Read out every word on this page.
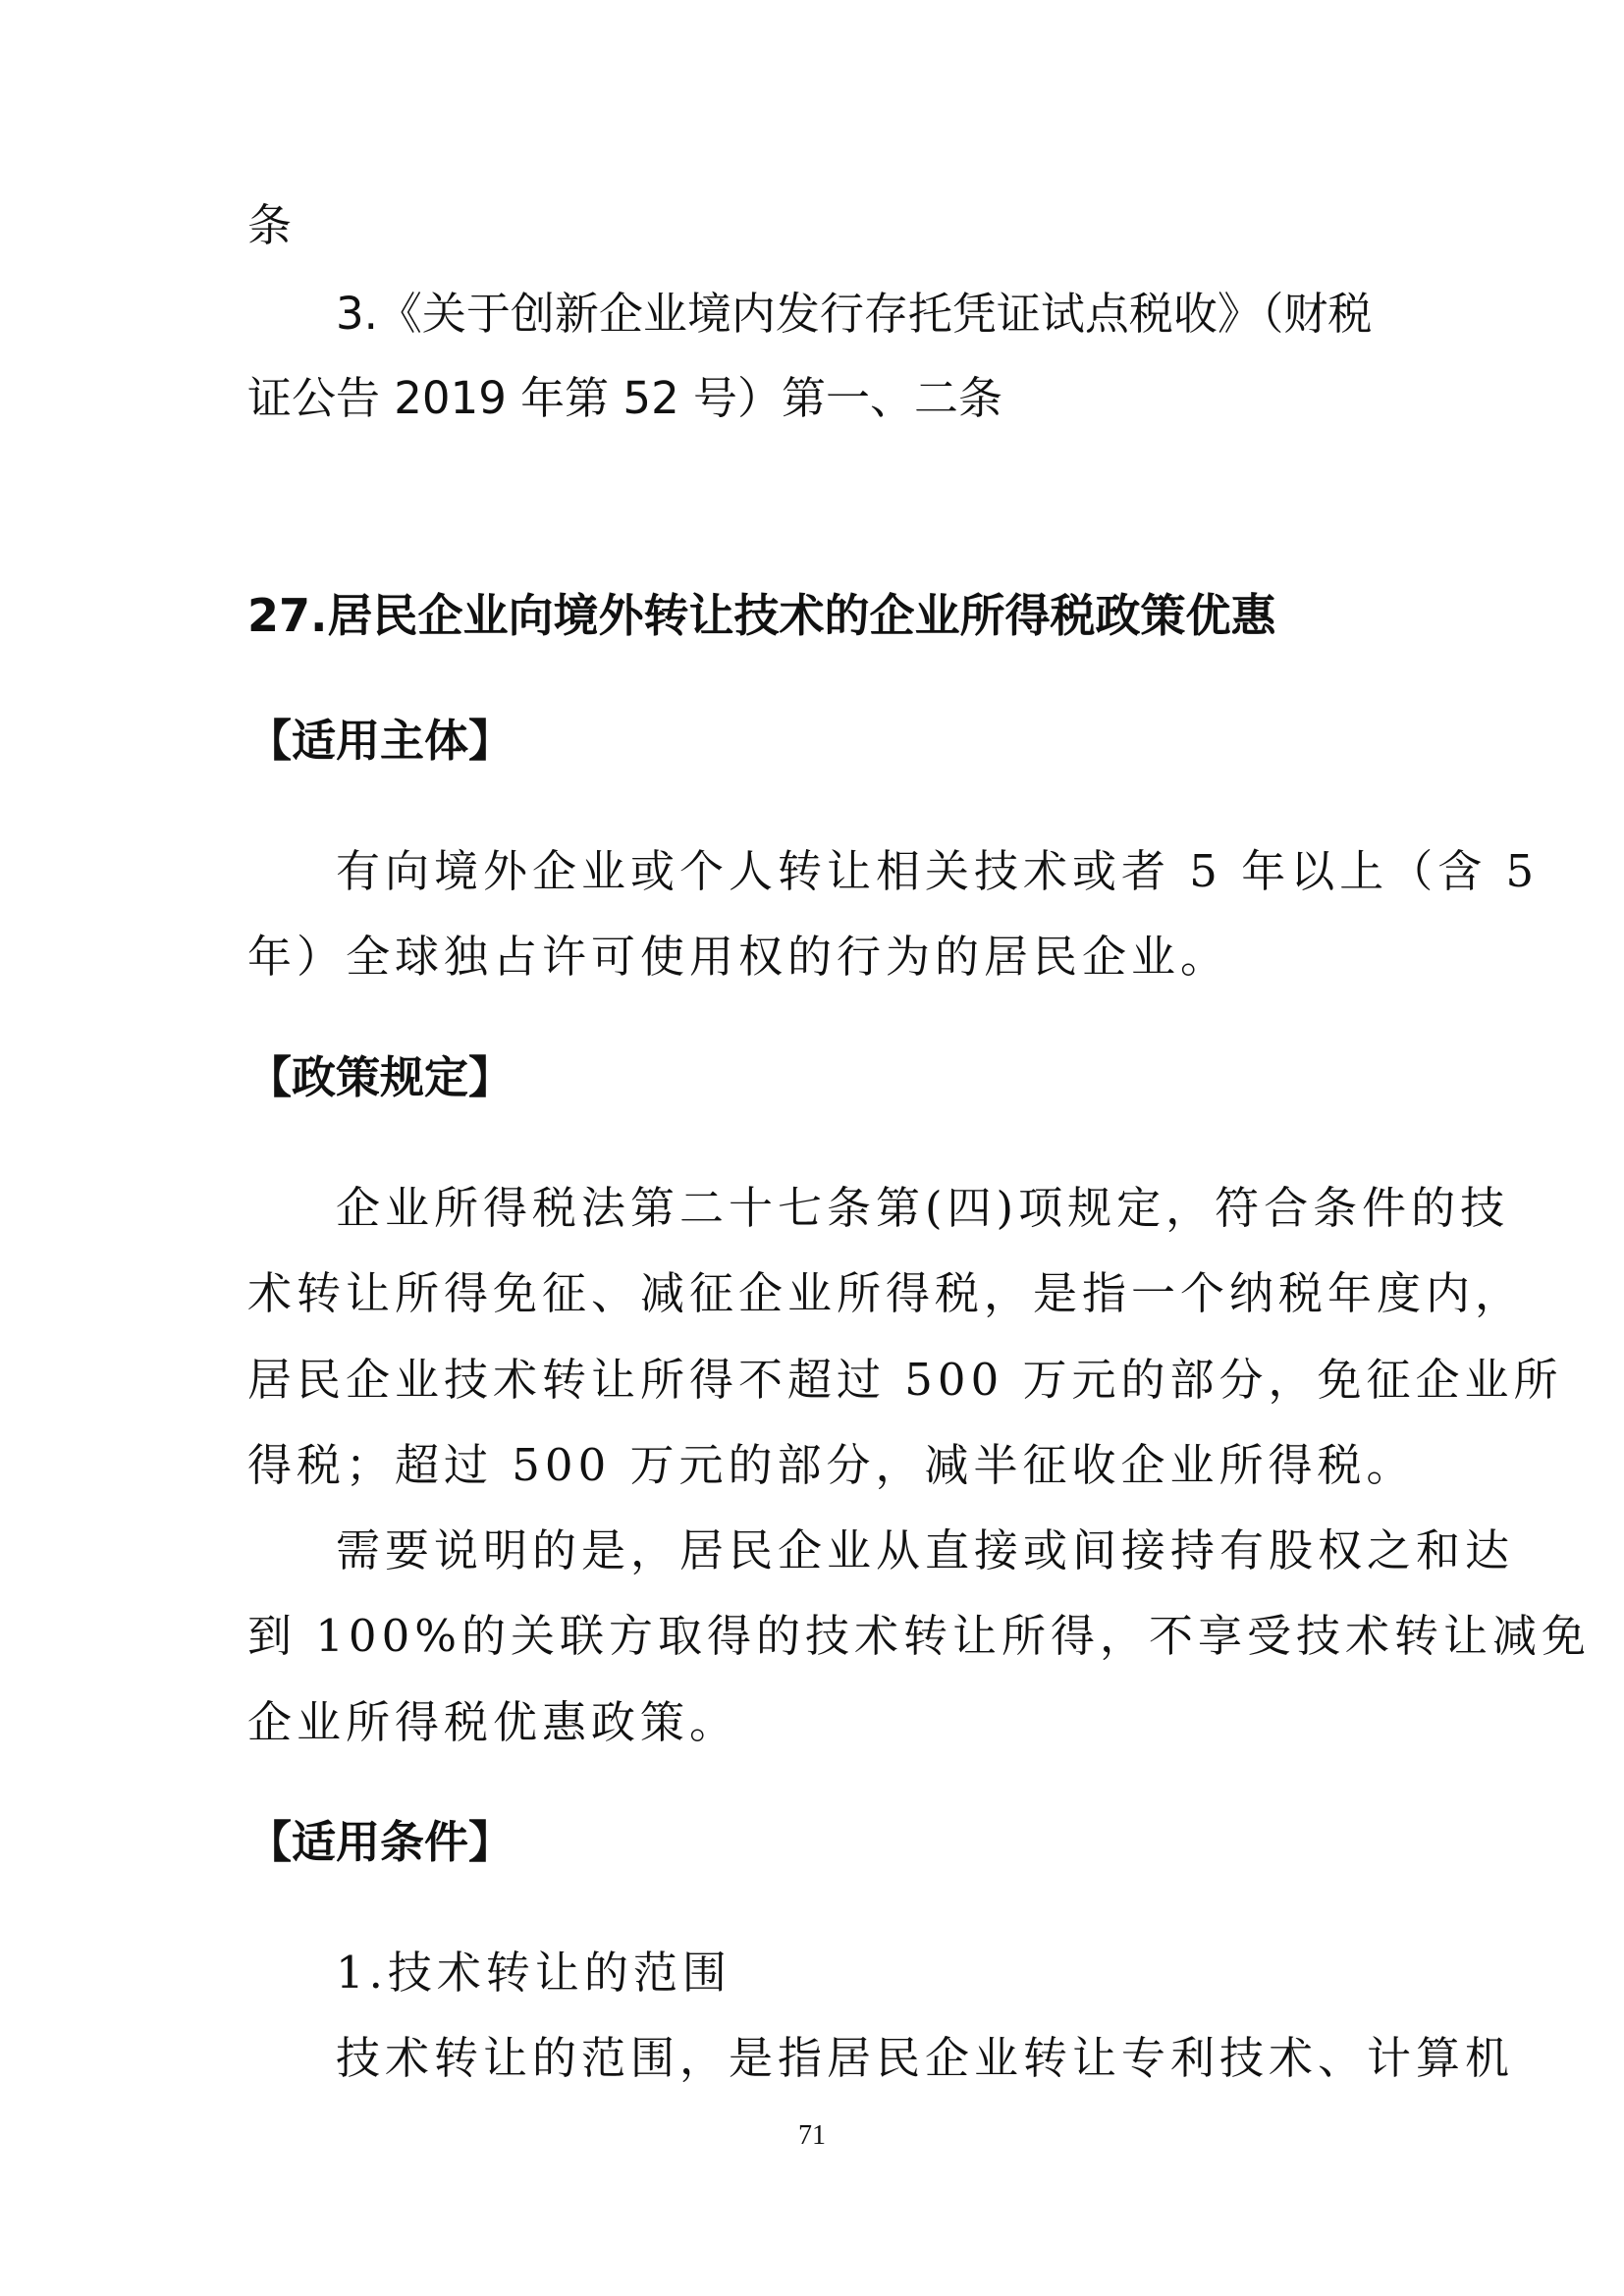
条
3.《关于创新企业境内发行存托凭证试点税收》（财税
证公告 2019 年第 52 号）第一、二条
27.居民企业向境外转让技术的企业所得税政策优惠
【适用主体】
有向境外企业或个人转让相关技术或者 5 年以上（含 5
年）全球独占许可使用权的行为的居民企业。
【政策规定】
企业所得税法第二十七条第(四)项规定，符合条件的技
术转让所得免征、减征企业所得税，是指一个纳税年度内，
居民企业技术转让所得不超过 500 万元的部分，免征企业所
得税；超过 500 万元的部分，减半征收企业所得税。
需要说明的是，居民企业从直接或间接持有股权之和达
到 100%的关联方取得的技术转让所得，不享受技术转让减免
企业所得税优惠政策。
【适用条件】
1.技术转让的范围
技术转让的范围，是指居民企业转让专利技术、计算机
71
